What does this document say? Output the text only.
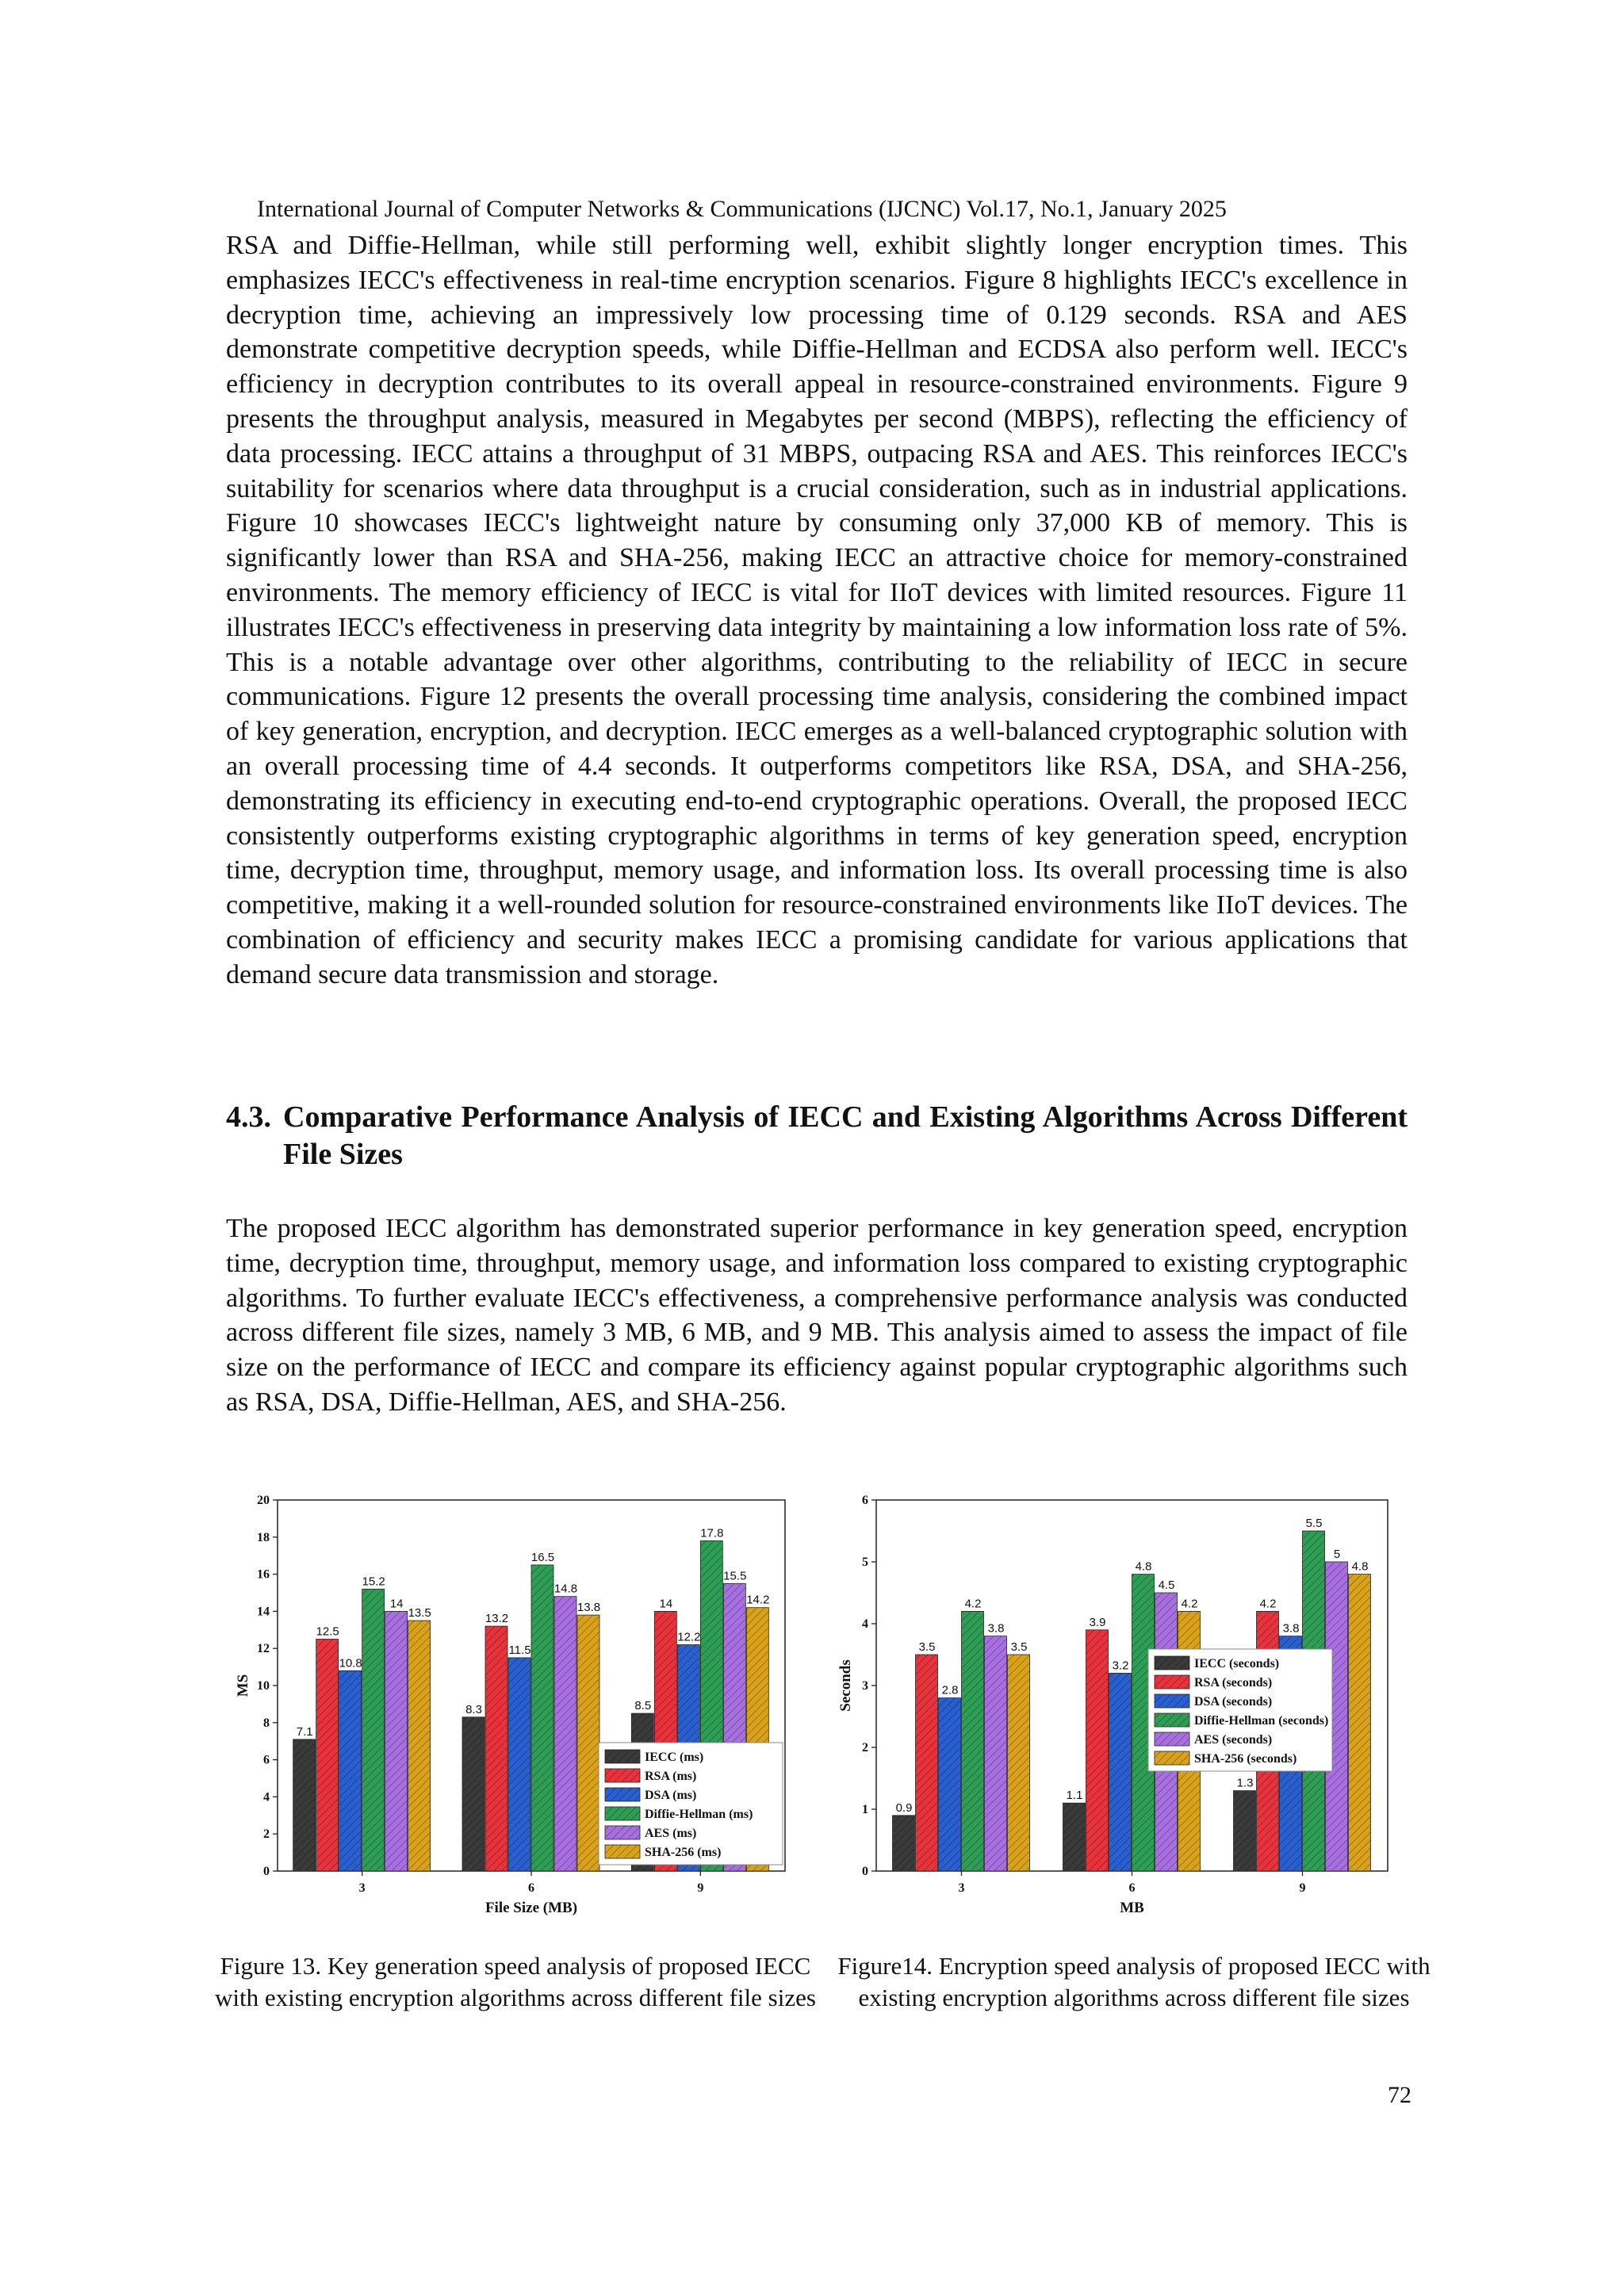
International Journal of Computer Networks & Communications (IJCNC) Vol.17, No.1, January 2025

RSA and Diffie-Hellman, while still performing well, exhibit slightly longer encryption times. This emphasizes IECC's effectiveness in real-time encryption scenarios. Figure 8 highlights IECC's excellence in decryption time, achieving an impressively low processing time of 0.129 seconds. RSA and AES demonstrate competitive decryption speeds, while Diffie-Hellman and ECDSA also perform well. IECC's efficiency in decryption contributes to its overall appeal in resource-constrained environments. Figure 9 presents the throughput analysis, measured in Megabytes per second (MBPS), reflecting the efficiency of data processing. IECC attains a throughput of 31 MBPS, outpacing RSA and AES. This reinforces IECC's suitability for scenarios where data throughput is a crucial consideration, such as in industrial applications. Figure 10 showcases IECC's lightweight nature by consuming only 37,000 KB of memory. This is significantly lower than RSA and SHA-256, making IECC an attractive choice for memory-constrained environments. The memory efficiency of IECC is vital for IIoT devices with limited resources. Figure 11 illustrates IECC's effectiveness in preserving data integrity by maintaining a low information loss rate of 5%. This is a notable advantage over other algorithms, contributing to the reliability of IECC in secure communications. Figure 12 presents the overall processing time analysis, considering the combined impact of key generation, encryption, and decryption. IECC emerges as a well-balanced cryptographic solution with an overall processing time of 4.4 seconds. It outperforms competitors like RSA, DSA, and SHA-256, demonstrating its efficiency in executing end-to-end cryptographic operations. Overall, the proposed IECC consistently outperforms existing cryptographic algorithms in terms of key generation speed, encryption time, decryption time, throughput, memory usage, and information loss. Its overall processing time is also competitive, making it a well-rounded solution for resource-constrained environments like IIoT devices. The combination of efficiency and security makes IECC a promising candidate for various applications that demand secure data transmission and storage.

4.3. Comparative Performance Analysis of IECC and Existing Algorithms Across Different File Sizes

The proposed IECC algorithm has demonstrated superior performance in key generation speed, encryption time, decryption time, throughput, memory usage, and information loss compared to existing cryptographic algorithms. To further evaluate IECC's effectiveness, a comprehensive performance analysis was conducted across different file sizes, namely 3 MB, 6 MB, and 9 MB. This analysis aimed to assess the impact of file size on the performance of IECC and compare its efficiency against popular cryptographic algorithms such as RSA, DSA, Diffie-Hellman, AES, and SHA-256.

0
2
4
6
8
10
12
14
16
18
20
3
7.1
12.5
10.8
15.2
14
13.5
6
8.3
13.2
11.5
16.5
14.8
13.8
9
8.5
14
12.2
17.8
15.5
14.2
File Size (MB)
MS
IECC (ms)
RSA (ms)
DSA (ms)
Diffie-Hellman (ms)
AES (ms)
SHA-256 (ms)
0
1
2
3
4
5
6
3
0.9
3.5
2.8
4.2
3.8
3.5
6
1.1
3.9
3.2
4.8
4.5
4.2
9
1.3
4.2
3.8
5.5
5
4.8
MB
Seconds	IECC (seconds)
RSA (seconds)
DSA (seconds)
Diffie-Hellman (seconds)
AES (seconds)
SHA-256 (seconds)
Figure 13. Key generation speed analysis of proposed IECC with existing encryption algorithms across different file sizes
Figure14. Encryption speed analysis of proposed IECC with existing encryption algorithms across different file sizes
72
